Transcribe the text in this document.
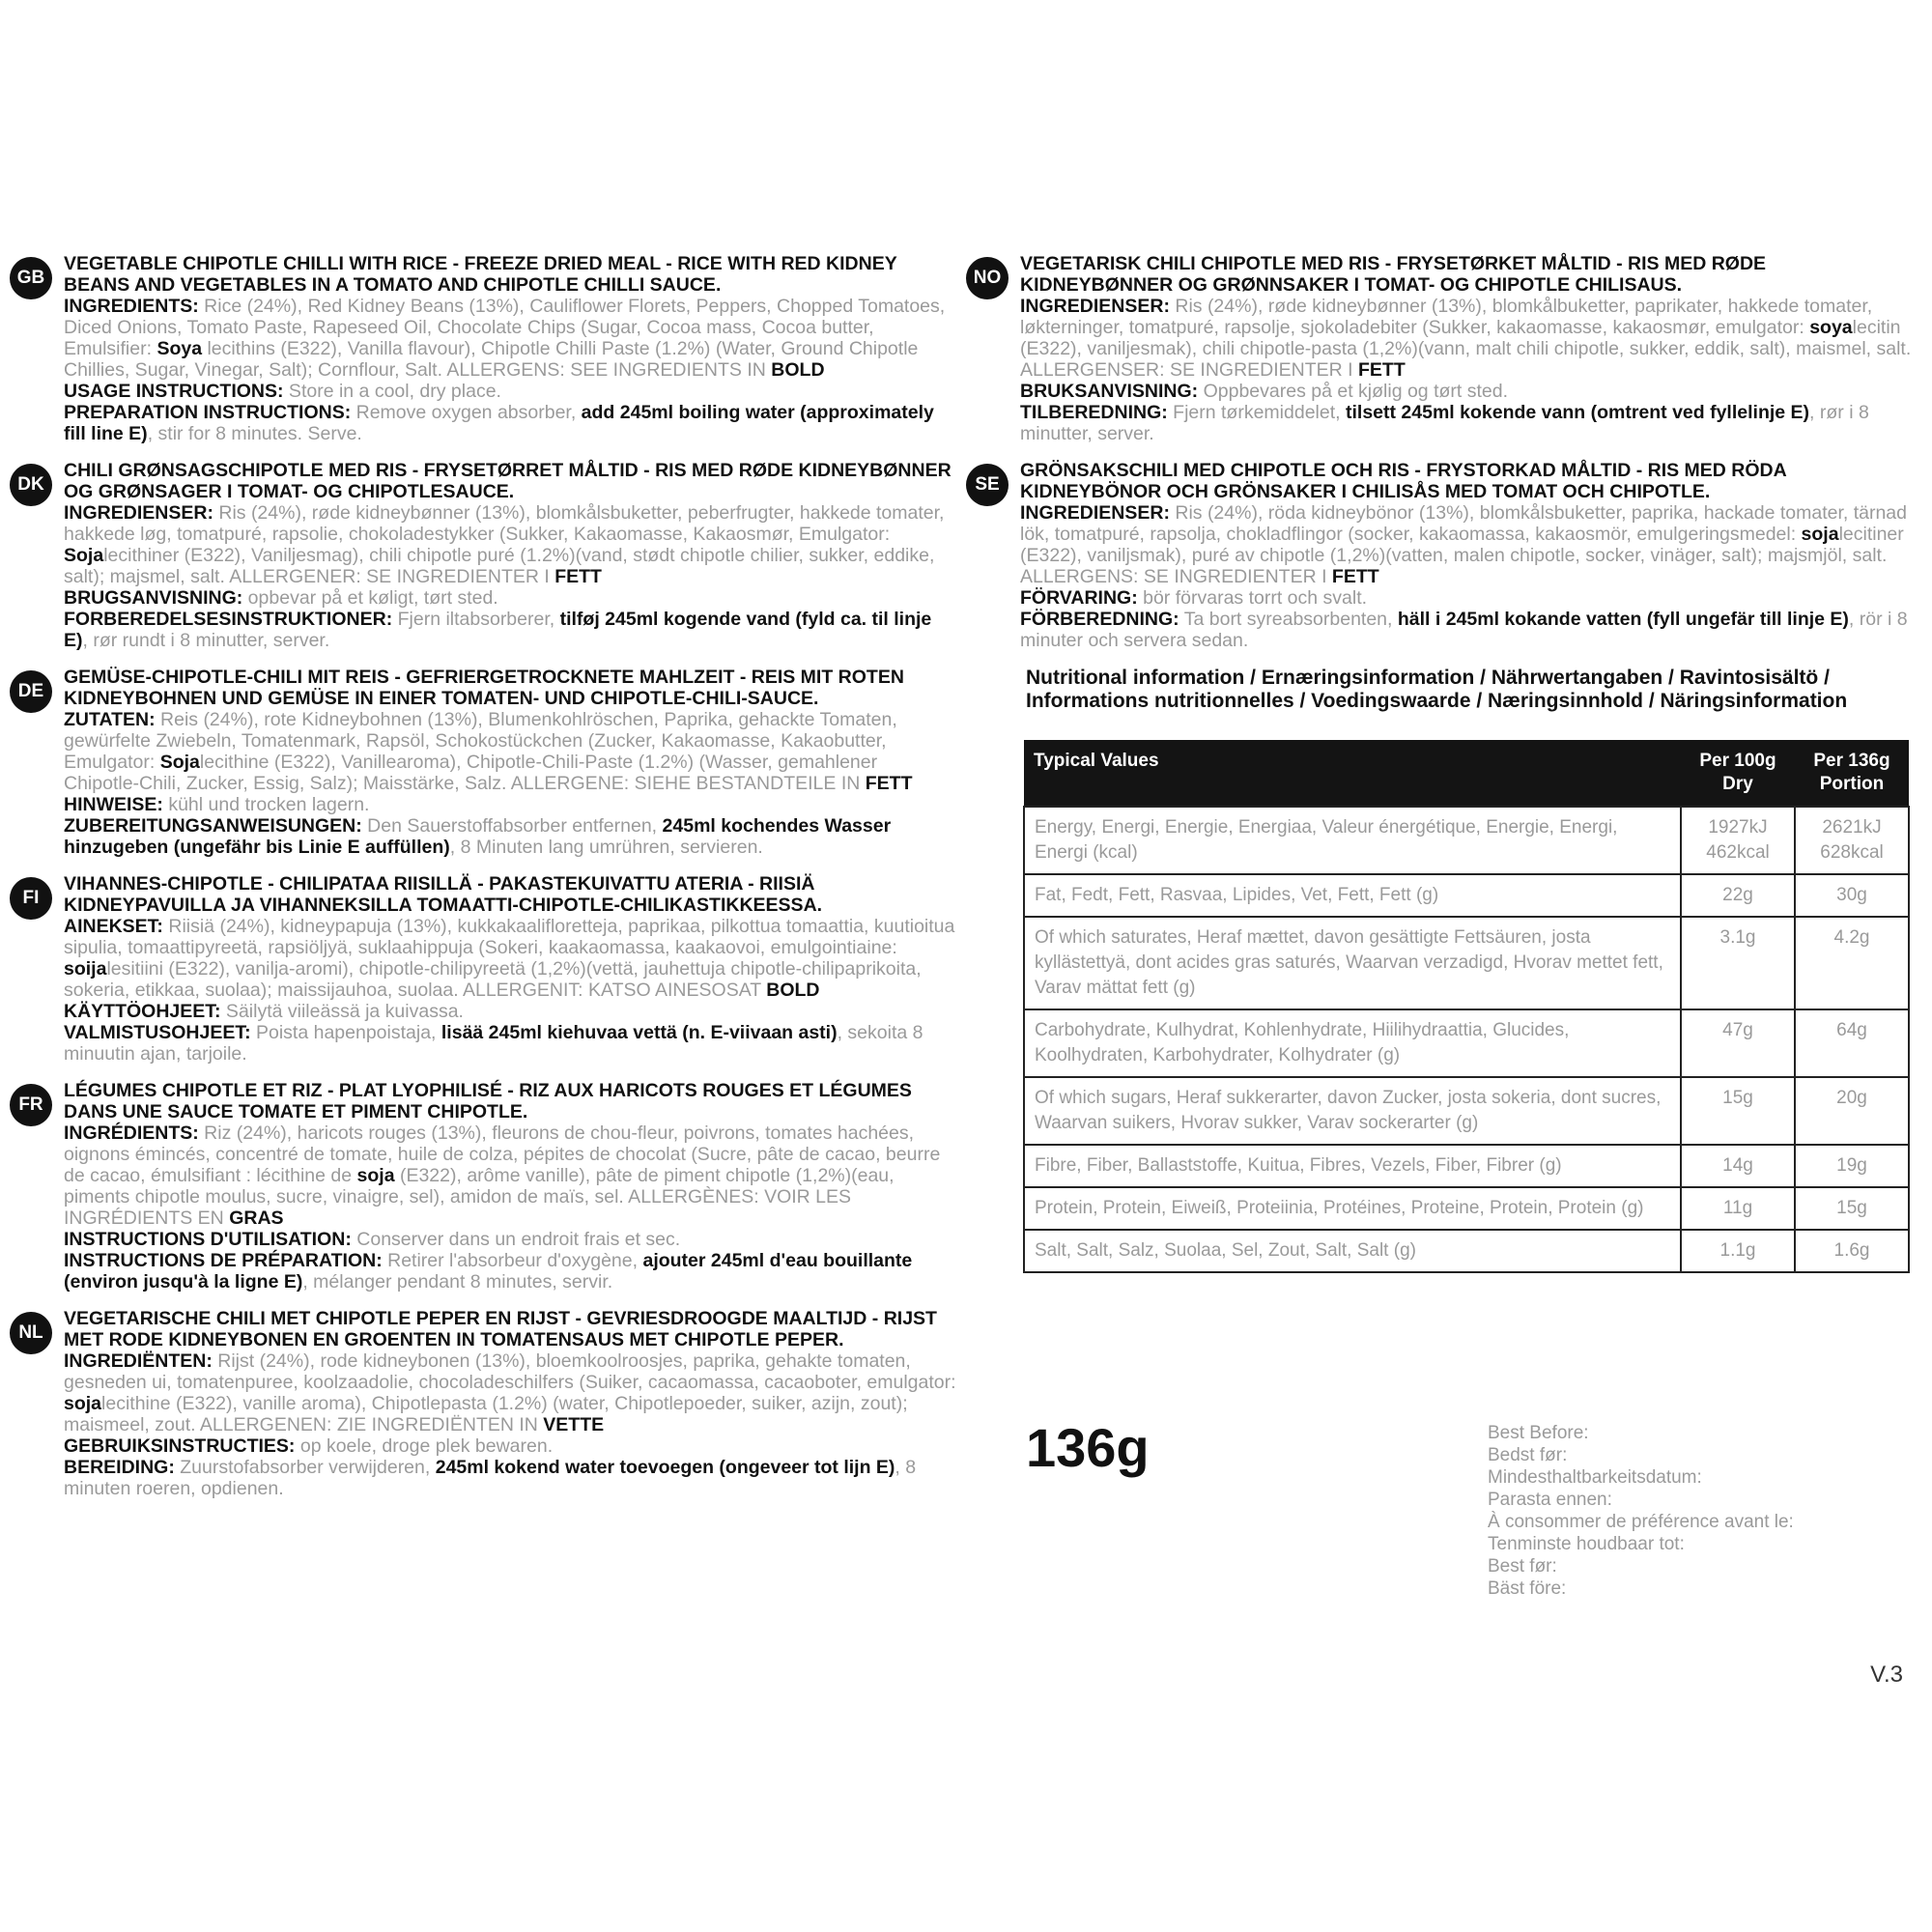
GB

VEGETABLE CHIPOTLE CHILLI WITH RICE - FREEZE DRIED MEAL - RICE WITH RED KIDNEY BEANS AND VEGETABLES IN A TOMATO AND CHIPOTLE CHILLI SAUCE.
INGREDIENTS: Rice (24%), Red Kidney Beans (13%), Cauliflower Florets, Peppers, Chopped Tomatoes, Diced Onions, Tomato Paste, Rapeseed Oil, Chocolate Chips (Sugar, Cocoa mass, Cocoa butter, Emulsifier: Soya lecithins (E322), Vanilla flavour), Chipotle Chilli Paste (1.2%) (Water, Ground Chipotle Chillies, Sugar, Vinegar, Salt); Cornflour, Salt. ALLERGENS: SEE INGREDIENTS IN BOLD
USAGE INSTRUCTIONS: Store in a cool, dry place.
PREPARATION INSTRUCTIONS: Remove oxygen absorber, add 245ml boiling water (approximately fill line E), stir for 8 minutes. Serve.

DK

CHILI GRØNSAGSCHIPOTLE MED RIS - FRYSETØRRET MÅLTID - RIS MED RØDE KIDNEYBØNNER OG GRØNSAGER I TOMAT- OG CHIPOTLESAUCE.
INGREDIENSER: Ris (24%), røde kidneybønner (13%), blomkålsbuketter, peberfrugter, hakkede tomater, hakkede løg, tomatpuré, rapsolie, chokoladestykker (Sukker, Kakaomasse, Kakaosmør, Emulgator: Sojalecithiner (E322), Vaniljesmag), chili chipotle puré (1.2%)(vand, stødt chipotle chilier, sukker, eddike, salt); majsmel, salt. ALLERGENER: SE INGREDIENTER I FETT
BRUGSANVISNING: opbevar på et køligt, tørt sted.
FORBEREDELSESINSTRUKTIONER: Fjern iltabsorberer, tilføj 245ml kogende vand (fyld ca. til linje E), rør rundt i 8 minutter, server.

DE

GEMÜSE-CHIPOTLE-CHILI MIT REIS - GEFRIERGETROCKNETE MAHLZEIT - REIS MIT ROTEN KIDNEYBOHNEN UND GEMÜSE IN EINER TOMATEN- UND CHIPOTLE-CHILI-SAUCE.
ZUTATEN: Reis (24%), rote Kidneybohnen (13%), Blumenkohlröschen, Paprika, gehackte Tomaten, gewürfelte Zwiebeln, Tomatenmark, Rapsöl, Schokostückchen (Zucker, Kakaomasse, Kakaobutter, Emulgator: Sojalecithine (E322), Vanillearoma), Chipotle-Chili-Paste (1.2%) (Wasser, gemahlener Chipotle-Chili, Zucker, Essig, Salz); Maisstärke, Salz. ALLERGENE: SIEHE BESTANDTEILE IN FETT
HINWEISE: kühl und trocken lagern.
ZUBEREITUNGSANWEISUNGEN: Den Sauerstoffabsorber entfernen, 245ml kochendes Wasser hinzugeben (ungefähr bis Linie E auffüllen), 8 Minuten lang umrühren, servieren.

FI

VIHANNES-CHIPOTLE - CHILIPATAA RIISILLÄ - PAKASTEKUIVATTU ATERIA - RIISIÄ KIDNEYPAVUILLA JA VIHANNEKSILLA TOMAATTI-CHIPOTLE-CHILIKASTIKKEESSA.
AINEKSET: Riisiä (24%), kidneypapuja (13%), kukkakaalifloretteja, paprikaa, pilkottua tomaattia, kuutioitua sipulia, tomaattipyreetä, rapsiöljyä, suklaahippuja (Sokeri, kaakaomassa, kaakaovoi, emulgointiaine: soijalesitiini (E322), vanilja-aromi), chipotle-chilipyreetä (1,2%)(vettä, jauhettuja chipotle-chilipaprikoita, sokeria, etikkaa, suolaa); maissijauhoa, suolaa. ALLERGENIT: KATSO AINESOSAT BOLD
KÄYTTÖOHJEET: Säilytä viileässä ja kuivassa.
VALMISTUSOHJEET: Poista hapenpoistaja, lisää 245ml kiehuvaa vettä (n. E-viivaan asti), sekoita 8 minuutin ajan, tarjoile.

FR

LÉGUMES CHIPOTLE ET RIZ - PLAT LYOPHILISÉ - RIZ AUX HARICOTS ROUGES ET LÉGUMES DANS UNE SAUCE TOMATE ET PIMENT CHIPOTLE.
INGRÉDIENTS: Riz (24%), haricots rouges (13%), fleurons de chou-fleur, poivrons, tomates hachées, oignons émincés, concentré de tomate, huile de colza, pépites de chocolat (Sucre, pâte de cacao, beurre de cacao, émulsifiant : lécithine de soja (E322), arôme vanille), pâte de piment chipotle (1,2%)(eau, piments chipotle moulus, sucre, vinaigre, sel), amidon de maïs, sel. ALLERGÈNES: VOIR LES INGRÉDIENTS EN GRAS
INSTRUCTIONS D'UTILISATION: Conserver dans un endroit frais et sec.
INSTRUCTIONS DE PRÉPARATION: Retirer l'absorbeur d'oxygène, ajouter 245ml d'eau bouillante (environ jusqu'à la ligne E), mélanger pendant 8 minutes, servir.

NL

VEGETARISCHE CHILI MET CHIPOTLE PEPER EN RIJST - GEVRIESDROOGDE MAALTIJD - RIJST MET RODE KIDNEYBONEN EN GROENTEN IN TOMATENSAUS MET CHIPOTLE PEPER.
INGREDIËNTEN: Rijst (24%), rode kidneybonen (13%), bloemkoolroosjes, paprika, gehakte tomaten, gesneden ui, tomatenpuree, koolzaadolie, chocoladeschilfers (Suiker, cacaomassa, cacaoboter, emulgator: sojalecithine (E322), vanille aroma), Chipotlepasta (1.2%) (water, Chipotlepoeder, suiker, azijn, zout); maismeel, zout. ALLERGENEN: ZIE INGREDIËNTEN IN VETTE
GEBRUIKSINSTRUCTIES: op koele, droge plek bewaren.
BEREIDING: Zuurstofabsorber verwijderen, 245ml kokend water toevoegen (ongeveer tot lijn E), 8 minuten roeren, opdienen.

NO

VEGETARISK CHILI CHIPOTLE MED RIS - FRYSETØRKET MÅLTID - RIS MED RØDE KIDNEYBØNNER OG GRØNNSAKER I TOMAT- OG CHIPOTLE CHILISAUS.
INGREDIENSER: Ris (24%), røde kidneybønner (13%), blomkålbuketter, paprikater, hakkede tomater, løkterninger, tomatpuré, rapsolje, sjokoladebiter (Sukker, kakaomasse, kakaosmør, emulgator: soyalecitin (E322), vaniljesmak), chili chipotle-pasta (1,2%)(vann, malt chili chipotle, sukker, eddik, salt), maismel, salt. ALLERGENSER: SE INGREDIENTER I FETT
BRUKSANVISNING: Oppbevares på et kjølig og tørt sted.
TILBEREDNING: Fjern tørkemiddelet, tilsett 245ml kokende vann (omtrent ved fyllelinje E), rør i 8 minutter, server.

SE

GRÖNSAKSCHILI MED CHIPOTLE OCH RIS - FRYSTORKAD MÅLTID - RIS MED RÖDA KIDNEYBÖNOR OCH GRÖNSAKER I CHILISÅS MED TOMAT OCH CHIPOTLE.
INGREDIENSER: Ris (24%), röda kidneybönor (13%), blomkålsbuketter, paprika, hackade tomater, tärnad lök, tomatpuré, rapsolja, chokladflingor (socker, kakaomassa, kakaosmör, emulgeringsmedel: sojalecitiner (E322), vaniljsmak), puré av chipotle (1,2%)(vatten, malen chipotle, socker, vinäger, salt); majsmjöl, salt. ALLERGENS: SE INGREDIENTER I FETT
FÖRVARING: bör förvaras torrt och svalt.
FÖRBEREDNING: Ta bort syreabsorbenten, häll i 245ml kokande vatten (fyll ungefär till linje E), rör i 8 minuter och servera sedan.

Nutritional information / Ernæringsinformation / Nährwertangaben / Ravintosisältö / Informations nutritionnelles / Voedingswaarde / Næringsinnhold / Näringsinformation
Typical Values	Per 100g Dry	Per 136g Portion
Energy, Energi, Energie, Energiaa, Valeur énergétique, Energie, Energi, Energi (kcal)	1927kJ 462kcal	2621kJ 628kcal
Fat, Fedt, Fett, Rasvaa, Lipides, Vet, Fett, Fett (g)	22g	30g
Of which saturates, Heraf mættet, davon gesättigte Fettsäuren, josta kyllästettyä, dont acides gras saturés, Waarvan verzadigd, Hvorav mettet fett, Varav mättat fett (g)	3.1g	4.2g
Carbohydrate, Kulhydrat, Kohlenhydrate, Hiilihydraattia, Glucides, Koolhydraten, Karbohydrater, Kolhydrater (g)	47g	64g
Of which sugars, Heraf sukkerarter, davon Zucker, josta sokeria, dont sucres, Waarvan suikers, Hvorav sukker, Varav sockerarter (g)	15g	20g
Fibre, Fiber, Ballaststoffe, Kuitua, Fibres, Vezels, Fiber, Fibrer (g)	14g	19g
Protein, Protein, Eiweiß, Proteiinia, Protéines, Proteine, Protein, Protein (g)	11g	15g
Salt, Salt, Salz, Suolaa, Sel, Zout, Salt, Salt (g)	1.1g	1.6g
136g	Best Before:
Bedst før:
Mindesthaltbarkeitsdatum:
Parasta ennen:
À consommer de préférence avant le:
Tenminste houdbaar tot:
Best før:
Bäst före:
V.3
